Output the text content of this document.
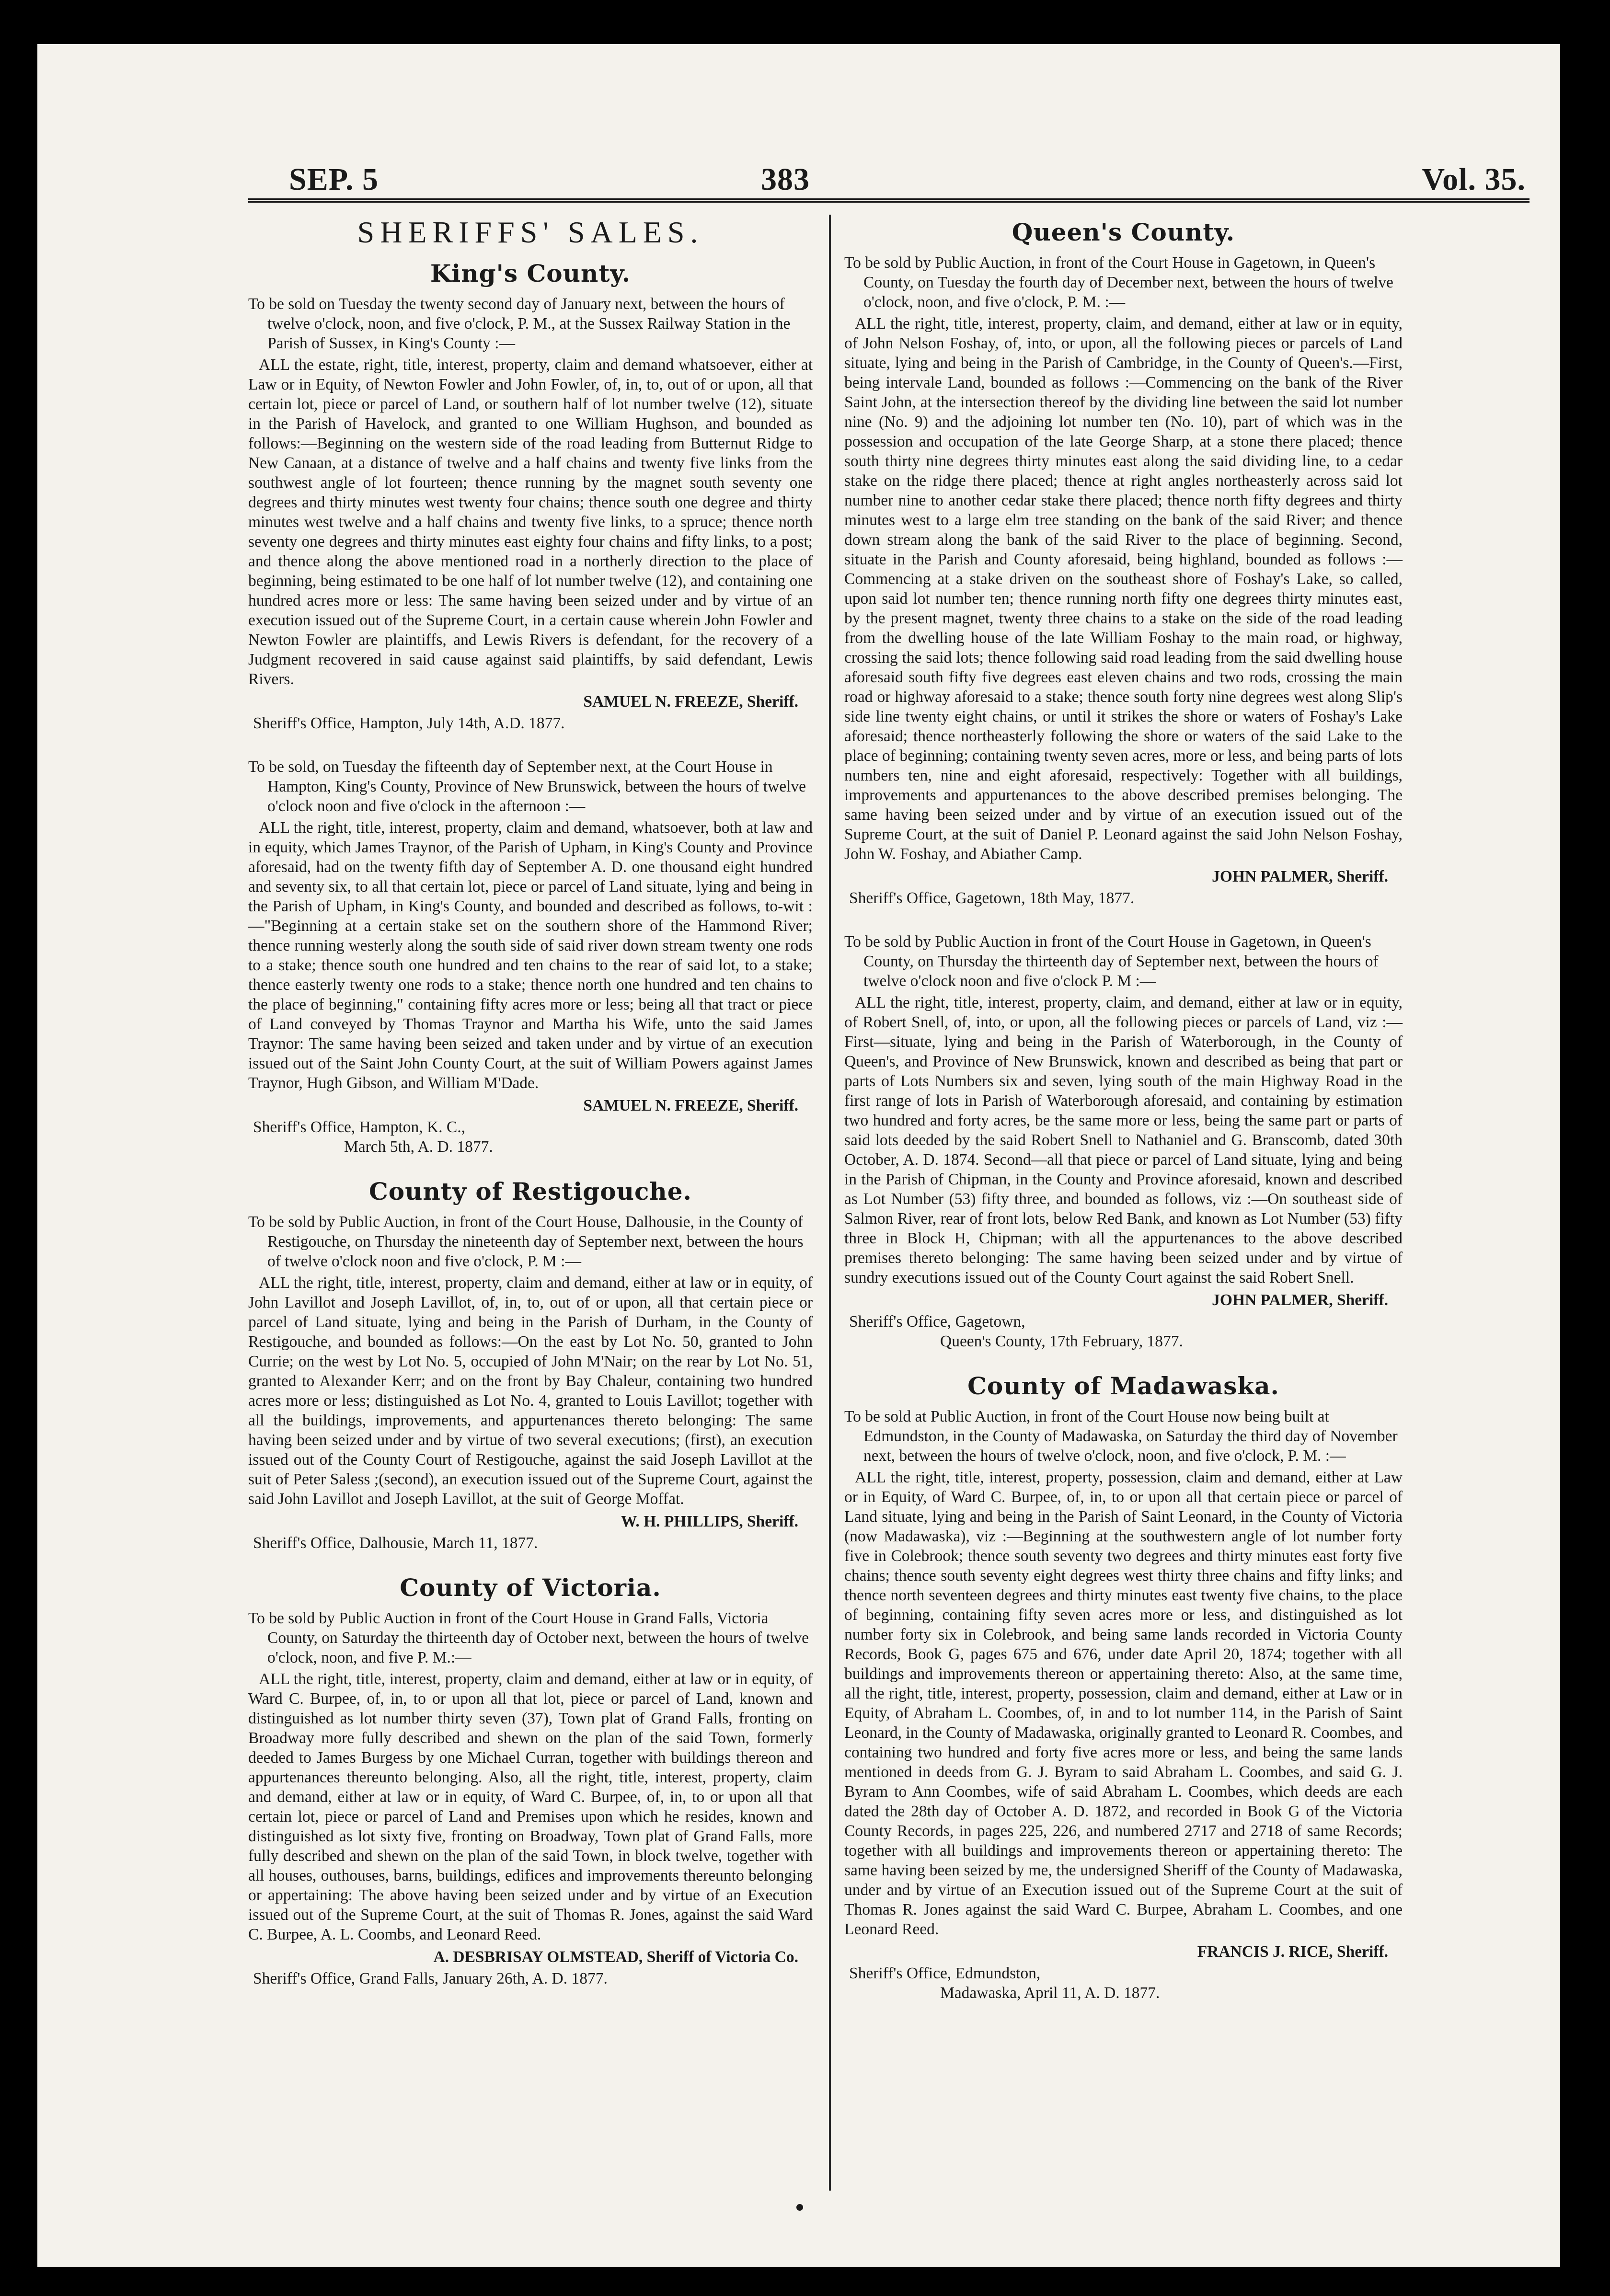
SEP. 5	383	Vol. 35.
SHERIFFS' SALES.
King's County.

To be sold on Tuesday the twenty second day of January next, between the hours of twelve o'clock, noon, and five o'clock, P. M., at the Sussex Railway Station in the Parish of Sussex, in King's County :—

ALL the estate, right, title, interest, property, claim and demand whatsoever, either at Law or in Equity, of Newton Fowler and John Fowler, of, in, to, out of or upon, all that certain lot, piece or parcel of Land, or southern half of lot number twelve (12), situate in the Parish of Havelock, and granted to one William Hughson, and bounded as follows:—Beginning on the western side of the road leading from Butternut Ridge to New Canaan, at a distance of twelve and a half chains and twenty five links from the southwest angle of lot fourteen; thence running by the magnet south seventy one degrees and thirty minutes west twenty four chains; thence south one degree and thirty minutes west twelve and a half chains and twenty five links, to a spruce; thence north seventy one degrees and thirty minutes east eighty four chains and fifty links, to a post; and thence along the above mentioned road in a northerly direction to the place of beginning, being estimated to be one half of lot number twelve (12), and containing one hundred acres more or less: The same having been seized under and by virtue of an execution issued out of the Supreme Court, in a certain cause wherein John Fowler and Newton Fowler are plaintiffs, and Lewis Rivers is defendant, for the recovery of a Judgment recovered in said cause against said plaintiffs, by said defendant, Lewis Rivers.

SAMUEL N. FREEZE, Sheriff.

Sheriff's Office, Hampton, July 14th, A.D. 1877.

To be sold, on Tuesday the fifteenth day of September next, at the Court House in Hampton, King's County, Province of New Brunswick, between the hours of twelve o'clock noon and five o'clock in the afternoon :—

ALL the right, title, interest, property, claim and demand, whatsoever, both at law and in equity, which James Traynor, of the Parish of Upham, in King's County and Province aforesaid, had on the twenty fifth day of September A. D. one thousand eight hundred and seventy six, to all that certain lot, piece or parcel of Land situate, lying and being in the Parish of Upham, in King's County, and bounded and described as follows, to-wit :—"Beginning at a certain stake set on the southern shore of the Hammond River; thence running westerly along the south side of said river down stream twenty one rods to a stake; thence south one hundred and ten chains to the rear of said lot, to a stake; thence easterly twenty one rods to a stake; thence north one hundred and ten chains to the place of beginning," containing fifty acres more or less; being all that tract or piece of Land conveyed by Thomas Traynor and Martha his Wife, unto the said James Traynor: The same having been seized and taken under and by virtue of an execution issued out of the Saint John County Court, at the suit of William Powers against James Traynor, Hugh Gibson, and William M'Dade.

SAMUEL N. FREEZE, Sheriff.

Sheriff's Office, Hampton, K. C.,

March 5th, A. D. 1877.

County of Restigouche.

To be sold by Public Auction, in front of the Court House, Dalhousie, in the County of Restigouche, on Thursday the nineteenth day of September next, between the hours of twelve o'clock noon and five o'clock, P. M :—

ALL the right, title, interest, property, claim and demand, either at law or in equity, of John Lavillot and Joseph Lavillot, of, in, to, out of or upon, all that certain piece or parcel of Land situate, lying and being in the Parish of Durham, in the County of Restigouche, and bounded as follows:—On the east by Lot No. 50, granted to John Currie; on the west by Lot No. 5, occupied of John M'Nair; on the rear by Lot No. 51, granted to Alexander Kerr; and on the front by Bay Chaleur, containing two hundred acres more or less; distinguished as Lot No. 4, granted to Louis Lavillot; together with all the buildings, improvements, and appurtenances thereto belonging: The same having been seized under and by virtue of two several executions; (first), an execution issued out of the County Court of Restigouche, against the said Joseph Lavillot at the suit of Peter Saless ;(second), an execution issued out of the Supreme Court, against the said John Lavillot and Joseph Lavillot, at the suit of George Moffat.

W. H. PHILLIPS, Sheriff.

Sheriff's Office, Dalhousie, March 11, 1877.

County of Victoria.

To be sold by Public Auction in front of the Court House in Grand Falls, Victoria County, on Saturday the thirteenth day of October next, between the hours of twelve o'clock, noon, and five P. M.:—

ALL the right, title, interest, property, claim and demand, either at law or in equity, of Ward C. Burpee, of, in, to or upon all that lot, piece or parcel of Land, known and distinguished as lot number thirty seven (37), Town plat of Grand Falls, fronting on Broadway more fully described and shewn on the plan of the said Town, formerly deeded to James Burgess by one Michael Curran, together with buildings thereon and appurtenances thereunto belonging. Also, all the right, title, interest, property, claim and demand, either at law or in equity, of Ward C. Burpee, of, in, to or upon all that certain lot, piece or parcel of Land and Premises upon which he resides, known and distinguished as lot sixty five, fronting on Broadway, Town plat of Grand Falls, more fully described and shewn on the plan of the said Town, in block twelve, together with all houses, outhouses, barns, buildings, edifices and improvements thereunto belonging or appertaining: The above having been seized under and by virtue of an Execution issued out of the Supreme Court, at the suit of Thomas R. Jones, against the said Ward C. Burpee, A. L. Coombs, and Leonard Reed.

A. DESBRISAY OLMSTEAD, Sheriff of Victoria Co.

Sheriff's Office, Grand Falls, January 26th, A. D. 1877.

Queen's County.

To be sold by Public Auction, in front of the Court House in Gagetown, in Queen's County, on Tuesday the fourth day of December next, between the hours of twelve o'clock, noon, and five o'clock, P. M. :—

ALL the right, title, interest, property, claim, and demand, either at law or in equity, of John Nelson Foshay, of, into, or upon, all the following pieces or parcels of Land situate, lying and being in the Parish of Cambridge, in the County of Queen's.—First, being intervale Land, bounded as follows :—Commencing on the bank of the River Saint John, at the intersection thereof by the dividing line between the said lot number nine (No. 9) and the adjoining lot number ten (No. 10), part of which was in the possession and occupation of the late George Sharp, at a stone there placed; thence south thirty nine degrees thirty minutes east along the said dividing line, to a cedar stake on the ridge there placed; thence at right angles northeasterly across said lot number nine to another cedar stake there placed; thence north fifty degrees and thirty minutes west to a large elm tree standing on the bank of the said River; and thence down stream along the bank of the said River to the place of beginning. Second, situate in the Parish and County aforesaid, being highland, bounded as follows :—Commencing at a stake driven on the southeast shore of Foshay's Lake, so called, upon said lot number ten; thence running north fifty one degrees thirty minutes east, by the present magnet, twenty three chains to a stake on the side of the road leading from the dwelling house of the late William Foshay to the main road, or highway, crossing the said lots; thence following said road leading from the said dwelling house aforesaid south fifty five degrees east eleven chains and two rods, crossing the main road or highway aforesaid to a stake; thence south forty nine degrees west along Slip's side line twenty eight chains, or until it strikes the shore or waters of Foshay's Lake aforesaid; thence northeasterly following the shore or waters of the said Lake to the place of beginning; containing twenty seven acres, more or less, and being parts of lots numbers ten, nine and eight aforesaid, respectively: Together with all buildings, improvements and appurtenances to the above described premises belonging. The same having been seized under and by virtue of an execution issued out of the Supreme Court, at the suit of Daniel P. Leonard against the said John Nelson Foshay, John W. Foshay, and Abiather Camp.

JOHN PALMER, Sheriff.

Sheriff's Office, Gagetown, 18th May, 1877.

To be sold by Public Auction in front of the Court House in Gagetown, in Queen's County, on Thursday the thirteenth day of September next, between the hours of twelve o'clock noon and five o'clock P. M :—

ALL the right, title, interest, property, claim, and demand, either at law or in equity, of Robert Snell, of, into, or upon, all the following pieces or parcels of Land, viz :—First—situate, lying and being in the Parish of Waterborough, in the County of Queen's, and Province of New Brunswick, known and described as being that part or parts of Lots Numbers six and seven, lying south of the main Highway Road in the first range of lots in Parish of Waterborough aforesaid, and containing by estimation two hundred and forty acres, be the same more or less, being the same part or parts of said lots deeded by the said Robert Snell to Nathaniel and G. Branscomb, dated 30th October, A. D. 1874. Second—all that piece or parcel of Land situate, lying and being in the Parish of Chipman, in the County and Province aforesaid, known and described as Lot Number (53) fifty three, and bounded as follows, viz :—On southeast side of Salmon River, rear of front lots, below Red Bank, and known as Lot Number (53) fifty three in Block H, Chipman; with all the appurtenances to the above described premises thereto belonging: The same having been seized under and by virtue of sundry executions issued out of the County Court against the said Robert Snell.

JOHN PALMER, Sheriff.

Sheriff's Office, Gagetown,

Queen's County, 17th February, 1877.

County of Madawaska.

To be sold at Public Auction, in front of the Court House now being built at Edmundston, in the County of Madawaska, on Saturday the third day of November next, between the hours of twelve o'clock, noon, and five o'clock, P. M. :—

ALL the right, title, interest, property, possession, claim and demand, either at Law or in Equity, of Ward C. Burpee, of, in, to or upon all that certain piece or parcel of Land situate, lying and being in the Parish of Saint Leonard, in the County of Victoria (now Madawaska), viz :—Beginning at the southwestern angle of lot number forty five in Colebrook; thence south seventy two degrees and thirty minutes east forty five chains; thence south seventy eight degrees west thirty three chains and fifty links; and thence north seventeen degrees and thirty minutes east twenty five chains, to the place of beginning, containing fifty seven acres more or less, and distinguished as lot number forty six in Colebrook, and being same lands recorded in Victoria County Records, Book G, pages 675 and 676, under date April 20, 1874; together with all buildings and improvements thereon or appertaining thereto: Also, at the same time, all the right, title, interest, property, possession, claim and demand, either at Law or in Equity, of Abraham L. Coombes, of, in and to lot number 114, in the Parish of Saint Leonard, in the County of Madawaska, originally granted to Leonard R. Coombes, and containing two hundred and forty five acres more or less, and being the same lands mentioned in deeds from G. J. Byram to said Abraham L. Coombes, and said G. J. Byram to Ann Coombes, wife of said Abraham L. Coombes, which deeds are each dated the 28th day of October A. D. 1872, and recorded in Book G of the Victoria County Records, in pages 225, 226, and numbered 2717 and 2718 of same Records; together with all buildings and improvements thereon or appertaining thereto: The same having been seized by me, the undersigned Sheriff of the County of Madawaska, under and by virtue of an Execution issued out of the Supreme Court at the suit of Thomas R. Jones against the said Ward C. Burpee, Abraham L. Coombes, and one Leonard Reed.

FRANCIS J. RICE, Sheriff.

Sheriff's Office, Edmundston,

Madawaska, April 11, A. D. 1877.
